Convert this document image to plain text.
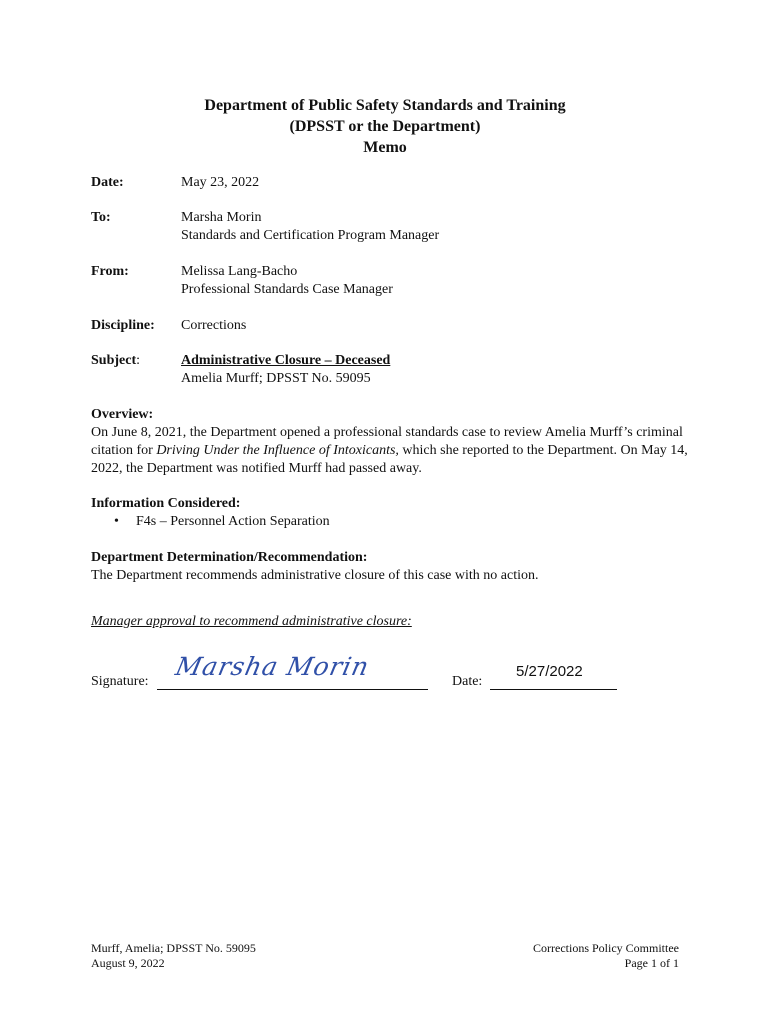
Department of Public Safety Standards and Training
(DPSST or the Department)
Memo
Date:	May 23, 2022
To:	Marsha Morin
Standards and Certification Program Manager
From:	Melissa Lang-Bacho
Professional Standards Case Manager
Discipline: Corrections
Subject:	Administrative Closure – Deceased
Amelia Murff; DPSST No. 59095
Overview:
On June 8, 2021, the Department opened a professional standards case to review Amelia Murff’s criminal citation for Driving Under the Influence of Intoxicants, which she reported to the Department. On May 14, 2022, the Department was notified Murff had passed away.
Information Considered:
• F4s – Personnel Action Separation
Department Determination/Recommendation:
The Department recommends administrative closure of this case with no action.
Manager approval to recommend administrative closure:
Signature:
Marsha Morin
Date:
5/27/2022
Murff, Amelia; DPSST No. 59095
August 9, 2022
Corrections Policy Committee
Page 1 of 1
